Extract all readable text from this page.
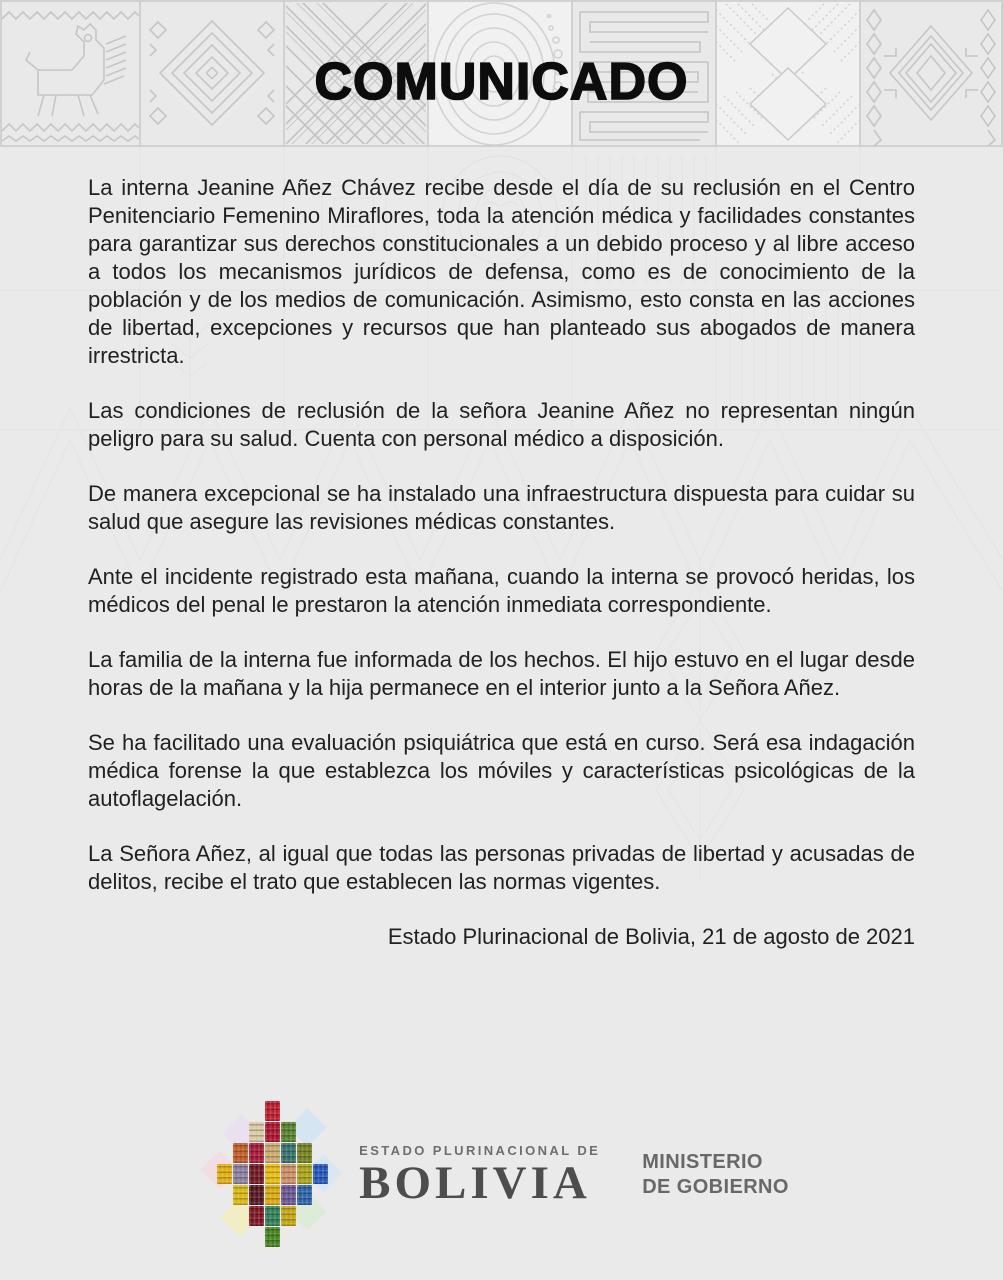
COMUNICADO

La interna Jeanine Añez Chávez recibe desde el día de su reclusión en el Centro Penitenciario Femenino Miraflores, toda la atención médica y facilidades constantes para garantizar sus derechos constitucionales a un debido proceso y al libre acceso a todos los mecanismos jurídicos de defensa, como es de conocimiento de la población y de los medios de comunicación. Asimismo, esto consta en las acciones de libertad, excepciones y recursos que han planteado sus abogados de manera irrestricta.

Las condiciones de reclusión de la señora Jeanine Añez no representan ningún peligro para su salud. Cuenta con personal médico a disposición.

De manera excepcional se ha instalado una infraestructura dispuesta para cuidar su salud que asegure las revisiones médicas constantes.

Ante el incidente registrado esta mañana, cuando la interna se provocó heridas, los médicos del penal le prestaron la atención inmediata correspondiente.

La familia de la interna fue informada de los hechos. El hijo estuvo en el lugar desde horas de la mañana y la hija permanece en el interior junto a la Señora Añez.

Se ha facilitado una evaluación psiquiátrica que está en curso. Será esa indagación médica forense la que establezca los móviles y características psicológicas de la autoflagelación.

La Señora Añez, al igual que todas las personas privadas de libertad y acusadas de delitos, recibe el trato que establecen las normas vigentes.

Estado Plurinacional de Bolivia, 21 de agosto de 2021
ESTADO PLURINACIONAL DE
BOLIVIA	MINISTERIO
DE GOBIERNO
